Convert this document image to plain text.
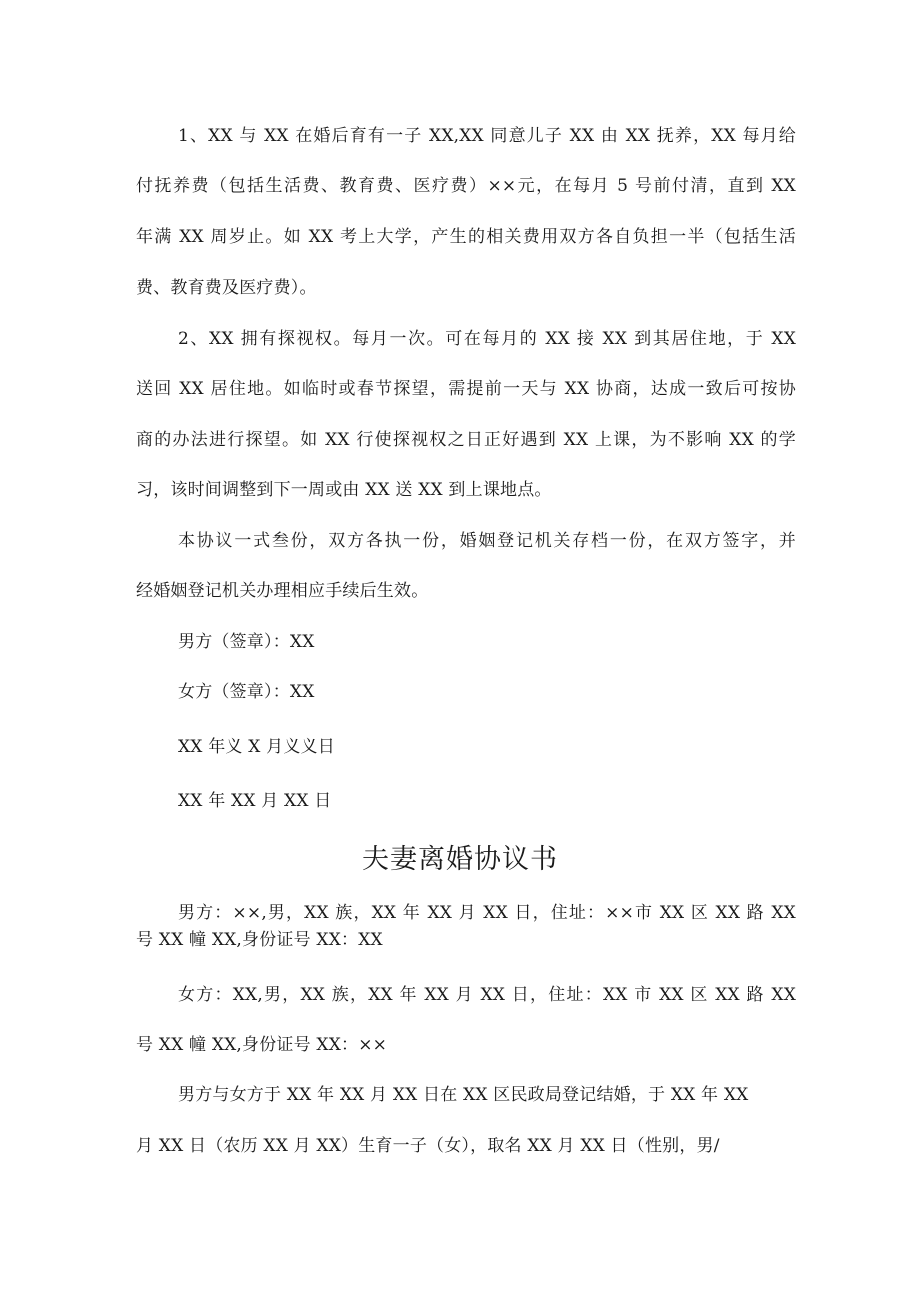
1、XX 与 XX 在婚后育有一子 XX,XX 同意儿子 XX 由 XX 抚养，XX 每月给
付抚养费（包括生活费、教育费、医疗费）××元，在每月 5 号前付清，直到 XX
年满 XX 周岁止。如 XX 考上大学，产生的相关费用双方各自负担一半（包括生活
费、教育费及医疗费）。
2、XX 拥有探视权。每月一次。可在每月的 XX 接 XX 到其居住地，于 XX
送回 XX 居住地。如临时或春节探望，需提前一天与 XX 协商，达成一致后可按协
商的办法进行探望。如 XX 行使探视权之日正好遇到 XX 上课，为不影响 XX 的学
习，该时间调整到下一周或由 XX 送 XX 到上课地点。
本协议一式叁份，双方各执一份，婚姻登记机关存档一份，在双方签字，并
经婚姻登记机关办理相应手续后生效。
男方（签章）：XX
女方（签章）：XX
XX 年义 X 月义义日
XX 年 XX 月 XX 日
夫妻离婚协议书
男方：××,男，XX 族，XX 年 XX 月 XX 日，住址：××市 XX 区 XX 路 XX
号 XX 幢 XX,身份证号 XX：XX
女方：XX,男，XX 族，XX 年 XX 月 XX 日，住址：XX 市 XX 区 XX 路 XX
号 XX 幢 XX,身份证号 XX：××
男方与女方于 XX 年 XX 月 XX 日在 XX 区民政局登记结婚，于 XX 年 XX
月 XX 日（农历 XX 月 XX）生育一子（女），取名 XX 月 XX 日（性别，男/
